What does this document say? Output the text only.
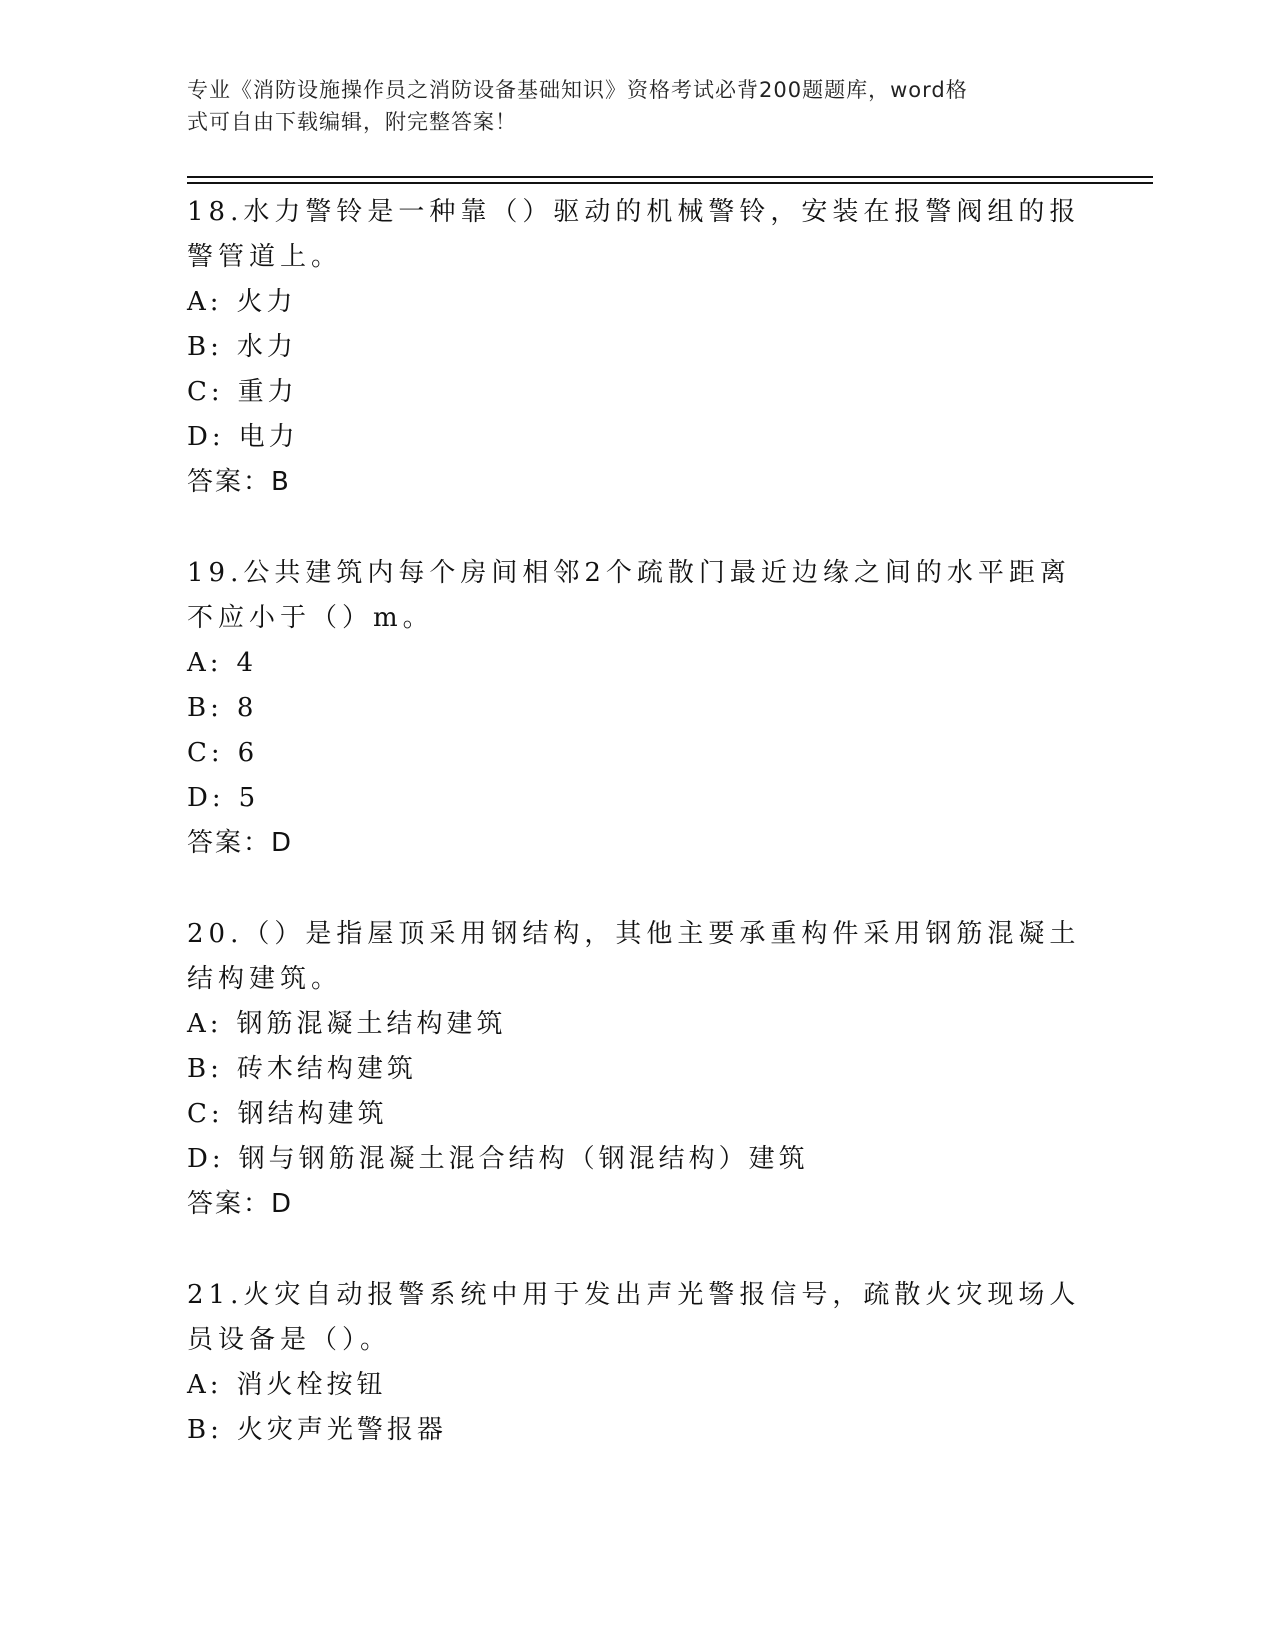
专业《消防设施操作员之消防设备基础知识》资格考试必背200题题库，word格
式可自由下载编辑，附完整答案！

18.水力警铃是一种靠（）驱动的机械警铃，安装在报警阀组的报警管道上。

A: 火力

B: 水力

C: 重力

D: 电力

答案：B

19.公共建筑内每个房间相邻2个疏散门最近边缘之间的水平距离不应小于（）m。

A: 4

B: 8

C: 6

D: 5

答案：D

20.（）是指屋顶采用钢结构，其他主要承重构件采用钢筋混凝土结构建筑。

A: 钢筋混凝土结构建筑

B: 砖木结构建筑

C: 钢结构建筑

D: 钢与钢筋混凝土混合结构（钢混结构）建筑

答案：D

21.火灾自动报警系统中用于发出声光警报信号，疏散火灾现场人员设备是（）。

A: 消火栓按钮

B: 火灾声光警报器
